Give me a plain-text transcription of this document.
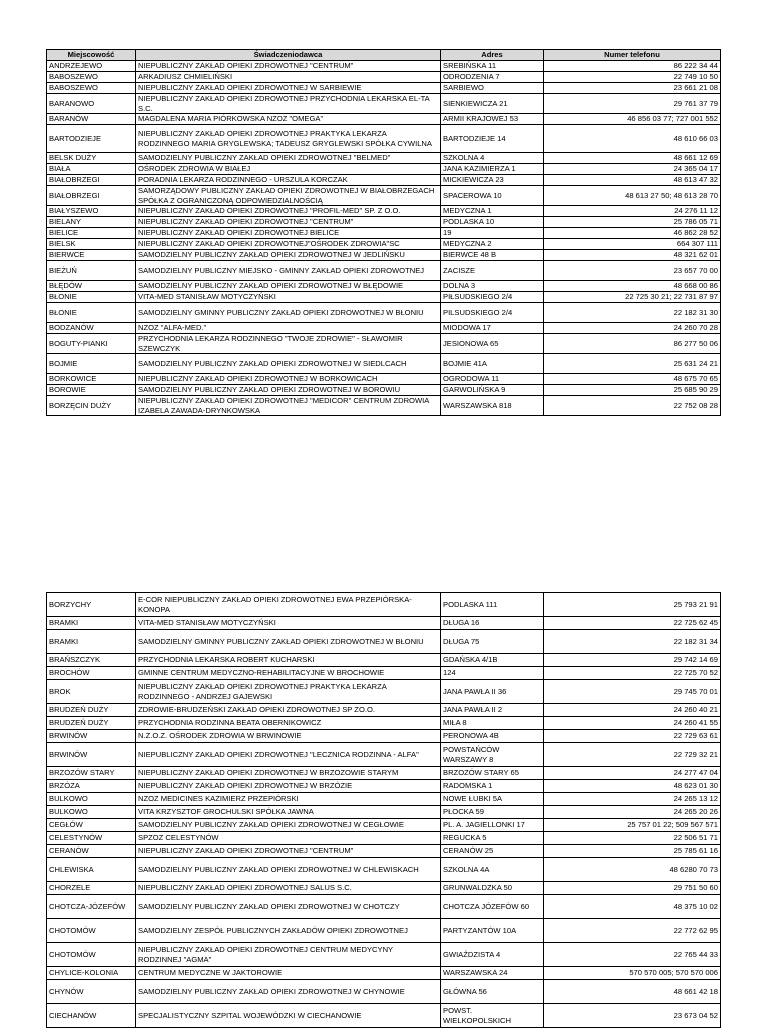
Miejscowość	Świadczeniodawca	Adres	Numer telefonu
ANDRZEJEWO	NIEPUBLICZNY ZAKŁAD OPIEKI ZDROWOTNEJ "CENTRUM"	SREBIŃSKA 11	86 222 34 44
BABOSZEWO	ARKADIUSZ CHMIELIŃSKI	ODRODZENIA 7	22 749 10 50
BABOSZEWO	NIEPUBLICZNY ZAKŁAD OPIEKI ZDROWOTNEJ W SARBIEWIE	SARBIEWO	23 661 21 08
BARANOWO	NIEPUBLICZNY ZAKŁAD OPIEKI ZDROWOTNEJ PRZYCHODNIA LEKARSKA EL-TA S.C.	SIENKIEWICZA 21	29 761 37 79
BARANÓW	MAGDALENA MARIA PIÓRKOWSKA NZOZ "OMEGA"	ARMII KRAJOWEJ 53	46 856 03 77; 727 001 552
BARTODZIEJE	NIEPUBLICZNY ZAKŁAD OPIEKI ZDROWOTNEJ PRAKTYKA LEKARZA RODZINNEGO MARIA GRYGLEWSKA; TADEUSZ GRYGLEWSKI SPÓŁKA CYWILNA	BARTODZIEJE 14	48 610 66 03
BELSK DUŻY	SAMODZIELNY PUBLICZNY ZAKŁAD OPIEKI ZDROWOTNEJ "BELMED"	SZKOLNA 4	48 661 12 69
BIAŁA	OŚRODEK ZDROWIA W BIAŁEJ	JANA KAZIMIERZA 1	24 365 04 17
BIAŁOBRZEGI	PORADNIA LEKARZA RODZINNEGO - URSZULA KORCZAK	MICKIEWICZA 23	48 613 47 32
BIAŁOBRZEGI	SAMORZĄDOWY PUBLICZNY ZAKŁAD OPIEKI ZDROWOTNEJ W BIAŁOBRZEGACH SPÓŁKA Z OGRANICZONĄ ODPOWIEDZIALNOŚCIĄ	SPACEROWA 10	48 613 27 50; 48 613 28 70
BIAŁYSZEWO	NIEPUBLICZNY ZAKŁAD OPIEKI ZDROWOTNEJ "PROFIL-MED" SP. Z O.O.	MEDYCZNA 1	24 276 11 12
BIELANY	NIEPUBLICZNY ZAKŁAD OPIEKI ZDROWOTNEJ "CENTRUM"	PODLASKA 10	25 786 05 71
BIELICE	NIEPUBLICZNY ZAKŁAD OPIEKI ZDROWOTNEJ BIELICE	19	46 862 28 52
BIELSK	NIEPUBLICZNY ZAKŁAD OPIEKI ZDROWOTNEJ"OŚRODEK ZDROWIA"SC	MEDYCZNA 2	664 307 111
BIERWCE	SAMODZIELNY PUBLICZNY ZAKŁAD OPIEKI ZDROWOTNEJ W JEDLIŃSKU	BIERWCE 48 B	48 321 62 01
BIEŻUŃ	SAMODZIELNY PUBLICZNY MIEJSKO - GMINNY ZAKŁAD OPIEKI ZDROWOTNEJ	ZACISZE	23 657 70 00
BŁĘDÓW	SAMODZIELNY PUBLICZNY ZAKŁAD OPIEKI ZDROWOTNEJ W BŁĘDOWIE	DOLNA 3	48 668 00 86
BŁONIE	VITA-MED STANISŁAW MOTYCZYŃSKI	PIŁSUDSKIEGO 2/4	22 725 30 21; 22 731 87 97
BŁONIE	SAMODZIELNY GMINNY PUBLICZNY ZAKŁAD OPIEKI ZDROWOTNEJ W BŁONIU	PILSUDSKIEGO 2/4	22 182 31 30
BODZANÓW	NZOZ "ALFA-MED."	MIODOWA 17	24 260 70 28
BOGUTY-PIANKI	PRZYCHODNIA LEKARZA RODZINNEGO "TWOJE ZDROWIE" - SŁAWOMIR SZEWCZYK	JESIONOWA 65	86 277 50 06
BOJMIE	SAMODZIELNY PUBLICZNY ZAKŁAD OPIEKI ZDROWOTNEJ W SIEDLCACH	BOJMIE 41A	25 631 24 21
BORKOWICE	NIEPUBLICZNY ZAKŁAD OPIEKI ZDROWOTNEJ W BORKOWICACH	OGRODOWA 11	48 675 70 65
BOROWIE	SAMODZIELNY PUBLICZNY ZAKŁAD OPIEKI ZDROWOTNEJ W BOROWIU	GARWOLIŃSKA 9	25 685 90 29
BORZĘCIN DUŻY	NIEPUBLICZNY ZAKŁAD OPIEKI ZDROWOTNEJ "MEDICOR" CENTRUM ZDROWIA IZABELA ZAWADA-DRYNKOWSKA	WARSZAWSKA 818	22 752 08 28
BORZYCHY	E-COR NIEPUBLICZNY ZAKŁAD OPIEKI ZDROWOTNEJ EWA PRZEPIÓRSKA-KONOPA	PODLASKA 111	25 793 21 91
BRAMKI	VITA-MED STANISŁAW MOTYCZYŃSKI	DŁUGA 16	22 725 62 45
BRAMKI	SAMODZIELNY GMINNY PUBLICZNY ZAKŁAD OPIEKI ZDROWOTNEJ W BŁONIU	DŁUGA 75	22 182 31 34
BRAŃSZCZYK	PRZYCHODNIA LEKARSKA ROBERT KUCHARSKI	GDAŃSKA 4/1B	29 742 14 69
BROCHÓW	GMINNE CENTRUM MEDYCZNO-REHABILITACYJNE W BROCHOWIE	124	22 725 70 52
BROK	NIEPUBLICZNY ZAKŁAD OPIEKI ZDROWOTNEJ PRAKTYKA LEKARZA RODZINNEGO - ANDRZEJ GAJEWSKI	JANA PAWŁA II 36	29 745 70 01
BRUDZEŃ DUŻY	ZDROWIE-BRUDZEŃSKI ZAKŁAD OPIEKI ZDROWOTNEJ SP ZO.O.	JANA PAWŁA II 2	24 260 40 21
BRUDZEŃ DUŻY	PRZYCHODNIA RODZINNA BEATA OBERNIKOWICZ	MIŁA 8	24 260 41 55
BRWINÓW	N.Z.O.Z. OŚRODEK ZDROWIA W BRWINOWIE	PERONOWA 4B	22 729 63 61
BRWINÓW	NIEPUBLICZNY ZAKŁAD OPIEKI ZDROWOTNEJ "LECZNICA RODZINNA - ALFA"	POWSTAŃCÓW WARSZAWY 8	22 729 32 21
BRZOZÓW STARY	NIEPUBLICZNY ZAKŁAD OPIEKI ZDROWOTNEJ W BRZOZOWIE STARYM	BRZOZÓW STARY 65	24 277 47 04
BRZÓZA	NIEPUBLICZNY ZAKŁAD OPIEKI ZDROWOTNEJ W BRZÓZIE	RADOMSKA 1	48 623 01 30
BULKOWO	NZOZ MEDICINES KAZIMIERZ PRZEPIÓRSKI	NOWE ŁUBKI 5A	24 265 13 12
BULKOWO	VITA KRZYSZTOF GROCHULSKI SPÓŁKA JAWNA	PŁOCKA 59	24 265 20 26
CEGŁÓW	SAMODZIELNY PUBLICZNY ZAKŁAD OPIEKI ZDROWOTNEJ W CEGŁOWIE	PL. A. JAGIELLONKI 17	25 757 01 22; 509 567 571
CELESTYNÓW	SPZOZ CELESTYNÓW	REGUCKA 5	22 506 51 71
CERANÓW	NIEPUBLICZNY ZAKŁAD OPIEKI ZDROWOTNEJ "CENTRUM"	CERANÓW 25	25 785 61 16
CHLEWISKA	SAMODZIELNY PUBLICZNY ZAKŁAD OPIEKI ZDROWOTNEJ W CHLEWISKACH	SZKOLNA 4A	48 6280 70 73
CHORZELE	NIEPUBLICZNY ZAKŁAD OPIEKI ZDROWOTNEJ SALUS S.C.	GRUNWALDZKA 50	29 751 50 60
CHOTCZA-JÓZEFÓW	SAMODZIELNY PUBLICZNY ZAKŁAD OPIEKI ZDROWOTNEJ W CHOTCZY	CHOTCZA JÓZEFÓW 60	48 375 10 02
CHOTOMÓW	SAMODZIELNY ZESPÓŁ PUBLICZNYCH ZAKŁADÓW OPIEKI ZDROWOTNEJ	PARTYZANTÓW 10A	22 772 62 95
CHOTOMÓW	NIEPUBLICZNY ZAKŁAD OPIEKI ZDROWOTNEJ CENTRUM MEDYCYNY RODZINNEJ "AGMA"	GWIAŹDZISTA 4	22 765 44 33
CHYLICE-KOLONIA	CENTRUM MEDYCZNE W JAKTOROWIE	WARSZAWSKA 24	570 570 005; 570 570 006
CHYNÓW	SAMODZIELNY PUBLICZNY ZAKŁAD OPIEKI ZDROWOTNEJ W CHYNOWIE	GŁÓWNA 56	48 661 42 18
CIECHANÓW	SPECJALISTYCZNY SZPITAL WOJEWÓDZKI W CIECHANOWIE	POWST. WIELKOPOLSKICH	23 673 04 52
